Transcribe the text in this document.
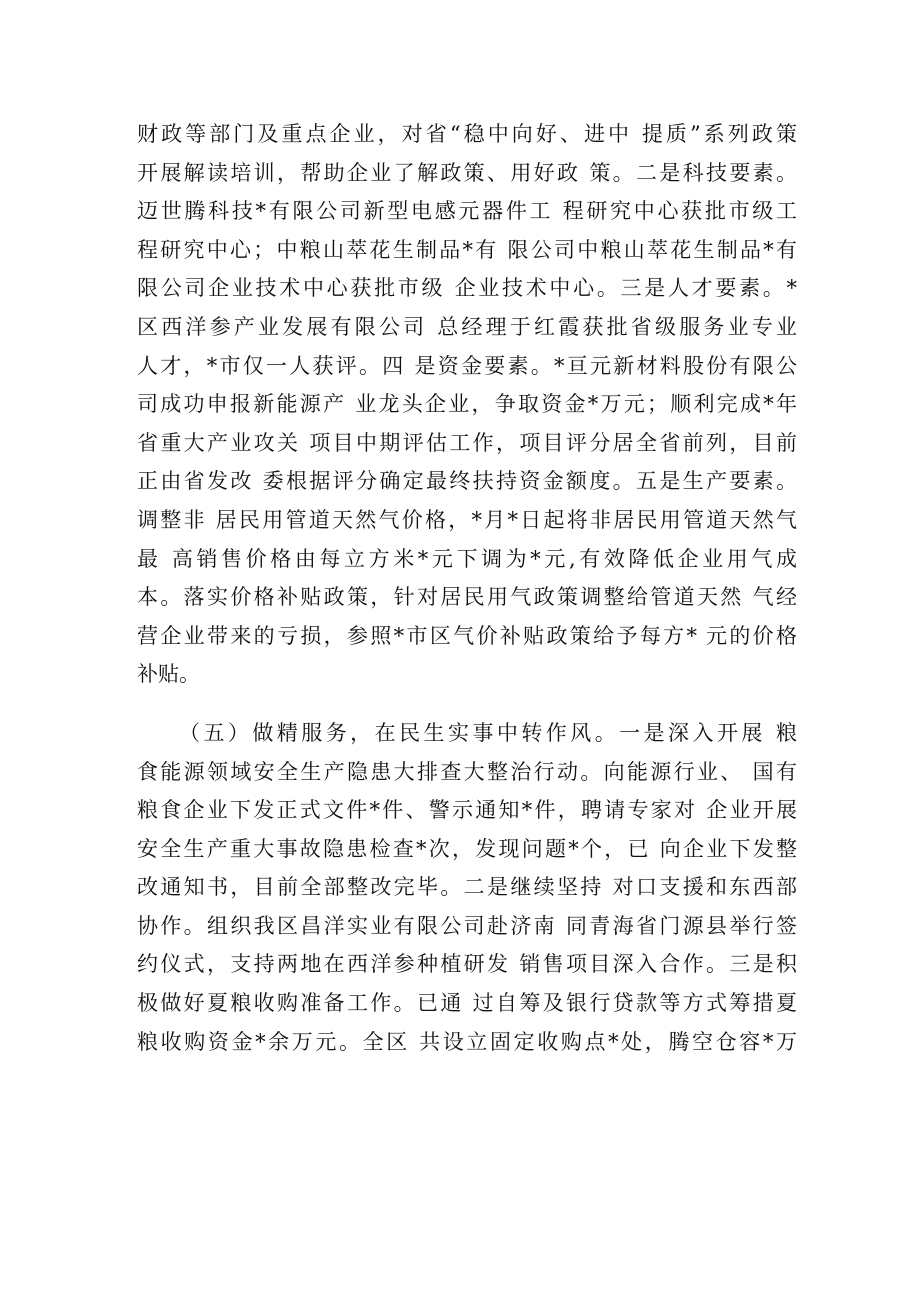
财政等部门及重点企业，对省“稳中向好、进中 提质”系列政策
开展解读培训，帮助企业了解政策、用好政 策。二是科技要素。
迈世腾科技*有限公司新型电感元器件工 程研究中心获批市级工
程研究中心；中粮山萃花生制品*有 限公司中粮山萃花生制品*有
限公司企业技术中心获批市级 企业技术中心。三是人才要素。*
区西洋参产业发展有限公司 总经理于红霞获批省级服务业专业
人才，*市仅一人获评。四 是资金要素。*亘元新材料股份有限公
司成功申报新能源产 业龙头企业，争取资金*万元；顺利完成*年
省重大产业攻关 项目中期评估工作，项目评分居全省前列，目前
正由省发改 委根据评分确定最终扶持资金额度。五是生产要素。
调整非 居民用管道天然气价格，*月*日起将非居民用管道天然气
最 高销售价格由每立方米*元下调为*元,有效降低企业用气成
本。落实价格补贴政策，针对居民用气政策调整给管道天然 气经
营企业带来的亏损，参照*市区气价补贴政策给予每方* 元的价格
补贴。
（五）做精服务，在民生实事中转作风。一是深入开展 粮
食能源领域安全生产隐患大排查大整治行动。向能源行业、 国有
粮食企业下发正式文件*件、警示通知*件，聘请专家对 企业开展
安全生产重大事故隐患检查*次，发现问题*个，已 向企业下发整
改通知书，目前全部整改完毕。二是继续坚持 对口支援和东西部
协作。组织我区昌洋实业有限公司赴济南 同青海省门源县举行签
约仪式，支持两地在西洋参种植研发 销售项目深入合作。三是积
极做好夏粮收购准备工作。已通 过自筹及银行贷款等方式筹措夏
粮收购资金*余万元。全区 共设立固定收购点*处，腾空仓容*万
